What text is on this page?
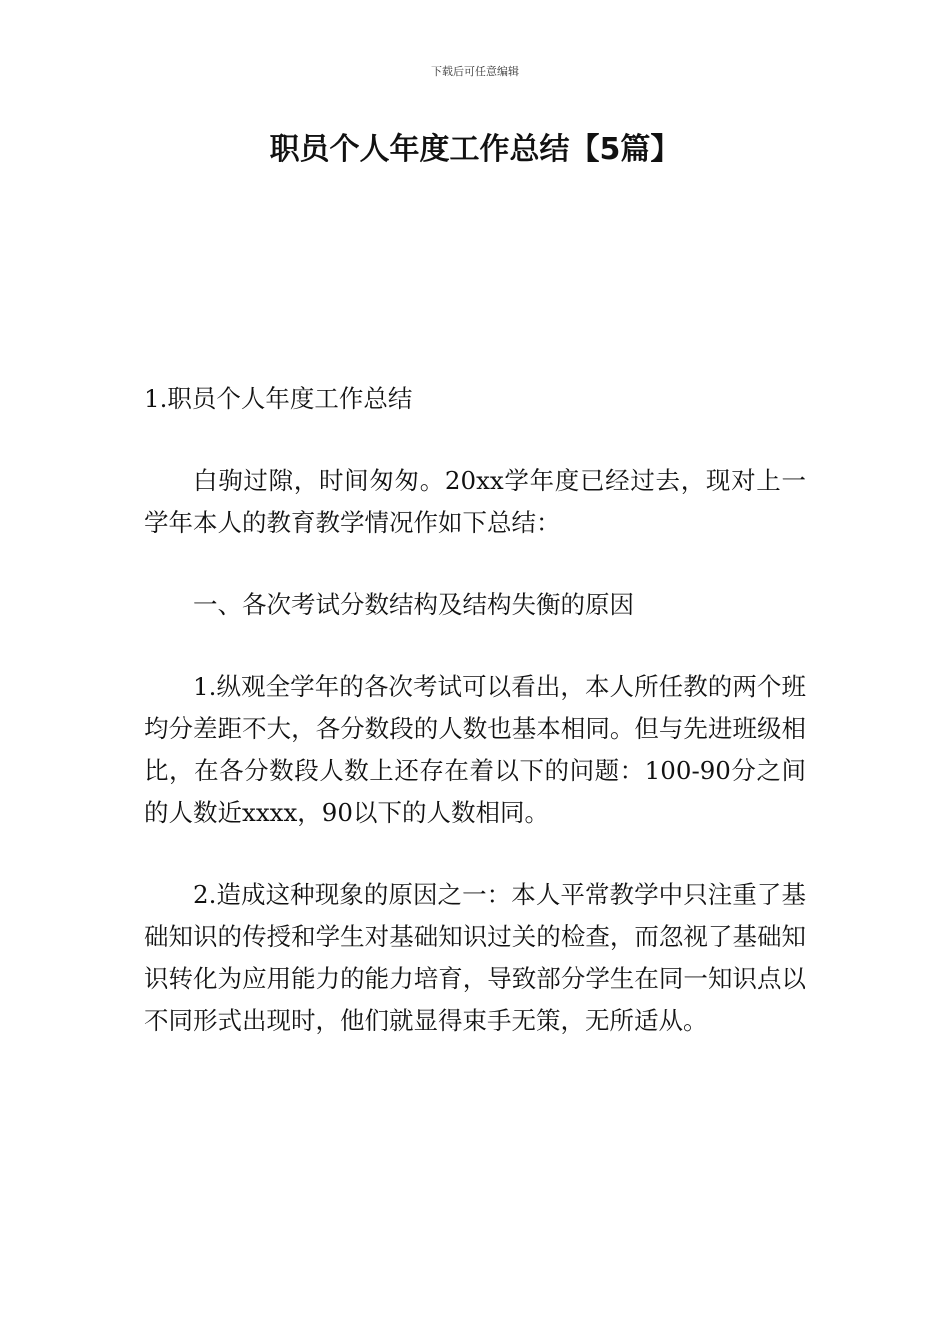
下载后可任意编辑
职员个人年度工作总结【5篇】

1.职员个人年度工作总结

白驹过隙，时间匆匆。20xx学年度已经过去，现对上一学年本人的教育教学情况作如下总结：

一、各次考试分数结构及结构失衡的原因

1.纵观全学年的各次考试可以看出，本人所任教的两个班均分差距不大，各分数段的人数也基本相同。但与先进班级相比，在各分数段人数上还存在着以下的问题：100-90分之间的人数近xxxx，90以下的人数相同。

2.造成这种现象的原因之一：本人平常教学中只注重了基础知识的传授和学生对基础知识过关的检查，而忽视了基础知识转化为应用能力的能力培育，导致部分学生在同一知识点以不同形式出现时，他们就显得束手无策，无所适从。
